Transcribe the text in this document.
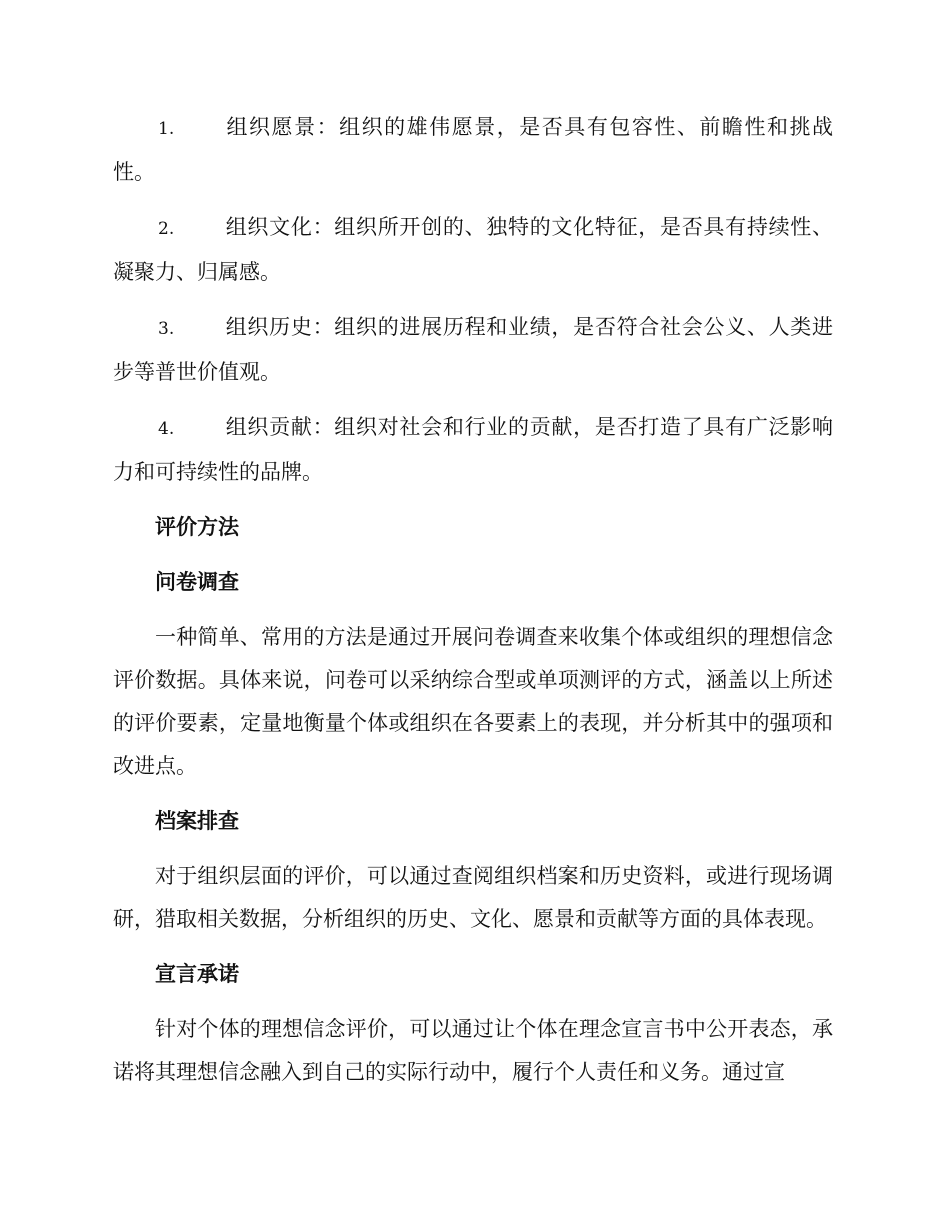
1. 组织愿景：组织的雄伟愿景，是否具有包容性、前瞻性和挑战性。
2. 组织文化：组织所开创的、独特的文化特征，是否具有持续性、凝聚力、归属感。
3. 组织历史：组织的进展历程和业绩，是否符合社会公义、人类进步等普世价值观。
4. 组织贡献：组织对社会和行业的贡献，是否打造了具有广泛影响力和可持续性的品牌。
评价方法
问卷调查
一种简单、常用的方法是通过开展问卷调查来收集个体或组织的理想信念评价数据。具体来说，问卷可以采纳综合型或单项测评的方式，涵盖以上所述的评价要素，定量地衡量个体或组织在各要素上的表现，并分析其中的强项和改进点。
档案排查
对于组织层面的评价，可以通过查阅组织档案和历史资料，或进行现场调研，猎取相关数据，分析组织的历史、文化、愿景和贡献等方面的具体表现。
宣言承诺
针对个体的理想信念评价，可以通过让个体在理念宣言书中公开表态，承诺将其理想信念融入到自己的实际行动中，履行个人责任和义务。通过宣
